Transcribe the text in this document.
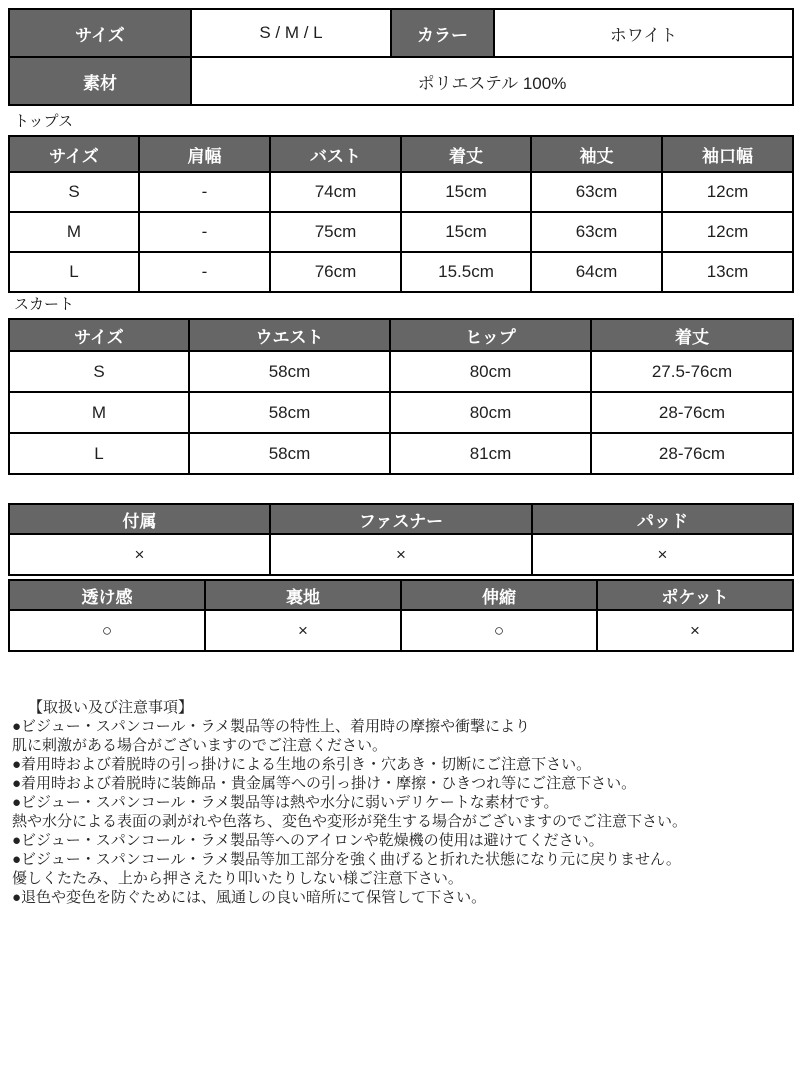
サイズ	S / M / L	カラー	ホワイト
素材	ポリエステル 100%		
トップス
サイズ	肩幅	バスト	着丈	袖丈	袖口幅
S	-	74cm	15cm	63cm	12cm
M	-	75cm	15cm	63cm	12cm
L	-	76cm	15.5cm	64cm	13cm
スカート
サイズ	ウエスト	ヒップ	着丈
S	58cm	80cm	27.5-76cm
M	58cm	80cm	28-76cm
L	58cm	81cm	28-76cm
付属	ファスナー	パッド
×	×	×
透け感	裏地	伸縮	ポケット
○	×	○	×
【取扱い及び注意事項】
●ビジュー・スパンコール・ラメ製品等の特性上、着用時の摩擦や衝撃により
肌に刺激がある場合がございますのでご注意ください。
●着用時および着脱時の引っ掛けによる生地の糸引き・穴あき・切断にご注意下さい。
●着用時および着脱時に装飾品・貴金属等への引っ掛け・摩擦・ひきつれ等にご注意下さい。
●ビジュー・スパンコール・ラメ製品等は熱や水分に弱いデリケートな素材です。
熱や水分による表面の剥がれや色落ち、変色や変形が発生する場合がございますのでご注意下さい。
●ビジュー・スパンコール・ラメ製品等へのアイロンや乾燥機の使用は避けてください。
●ビジュー・スパンコール・ラメ製品等加工部分を強く曲げると折れた状態になり元に戻りません。
優しくたたみ、上から押さえたり叩いたりしない様ご注意下さい。
●退色や変色を防ぐためには、風通しの良い暗所にて保管して下さい。
